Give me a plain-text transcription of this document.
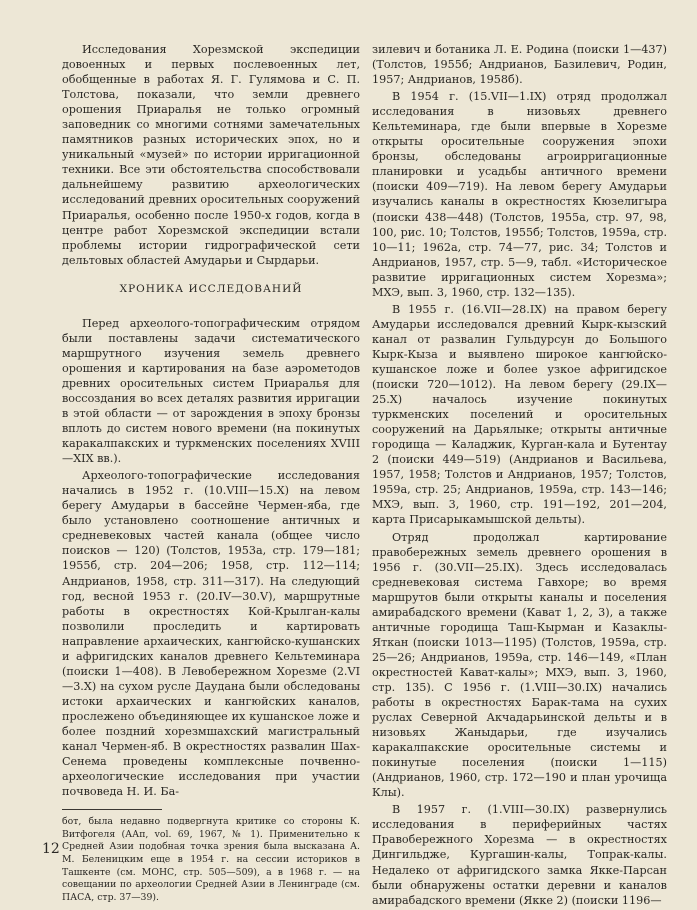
Исследования Хорезмской экспедиции довоенных и первых послевоенных лет, обобщенные в работах Я. Г. Гулямова и С. П. Толстова, показали, что земли древнего орошения Приаралья не только огромный заповедник со многими сотнями замечательных памятников разных исторических эпох, но и уникальный «музей» по истории ирригационной техники. Все эти обстоятельства способствовали дальнейшему развитию археологических исследований древних оросительных сооружений Приаралья, особенно после 1950-х годов, когда в центре работ Хорезмской экспедиции встали проблемы истории гидрографической сети дельтовых областей Амударьи и Сырдарьи.

ХРОНИКА ИССЛЕДОВАНИЙ

Перед археолого-топографическим отрядом были поставлены задачи систематического маршрутного изучения земель древнего орошения и картирования на базе аэрометодов древних оросительных систем Приаралья для воссоздания во всех деталях развития ирригации в этой области — от зарождения в эпоху бронзы вплоть до систем нового времени (на покинутых каракалпакских и туркменских поселениях XVIII—XIX вв.).

Археолого-топографические исследования начались в 1952 г. (10.VIII—15.X) на левом берегу Амударьи в бассейне Чермен-яба, где было установлено соотношение античных и средневековых частей канала (общее число поисков — 120) (Толстов, 1953а, стр. 179—181; 1955б, стр. 204—206; 1958, стр. 112—114; Андрианов, 1958, стр. 311—317). На следующий год, весной 1953 г. (20.IV—30.V), маршрутные работы в окрестностях Кой-Крылган-калы позволили проследить и картировать направление архаических, кангюйско-кушанских и афригидских каналов древнего Кельтеминара (поиски 1—408). В Левобережном Хорезме (2.VI—3.X) на сухом русле Даудана были обследованы истоки архаических и кангюйских каналов, прослежено объединяющее их кушанское ложе и более поздний хорезмшахский магистральный канал Чермен-яб. В окрестностях развалин Шах-Сенема проведены комплексные почвенно-археологические исследования при участии почвоведа Н. И. Ба-

бот, была недавно подвергнута критике со стороны К. Витфогеля (ААп, vol. 69, 1967, № 1). Применительно к Средней Азии подобная точка зрения была высказана А. М. Беленицким еще в 1954 г. на сессии историков в Ташкенте (см. МОНС, стр. 505—509), а в 1968 г. — на совещании по археологии Средней Азии в Ленинграде (см. ПАСА, стр. 37—39).

зилевич и ботаника Л. Е. Родина (поиски 1—437) (Толстов, 1955б; Андрианов, Базилевич, Родин, 1957; Андрианов, 1958б).

В 1954 г. (15.VII—1.IX) отряд продолжал исследования в низовьях древнего Кельтеминара, где были впервые в Хорезме открыты оросительные сооружения эпохи бронзы, обследованы агроирригационные планировки и усадьбы античного времени (поиски 409—719). На левом берегу Амударьи изучались каналы в окрестностях Кюзелигыра (поиски 438—448) (Толстов, 1955а, стр. 97, 98, 100, рис. 10; Толстов, 1955б; Толстов, 1959а, стр. 10—11; 1962а, стр. 74—77, рис. 34; Толстов и Андрианов, 1957, стр. 5—9, табл. «Историческое развитие ирригационных систем Хорезма»; МХЭ, вып. 3, 1960, стр. 132—135).

В 1955 г. (16.VII—28.IX) на правом берегу Амударьи исследовался древний Кырк-кызский канал от развалин Гульдурсун до Большого Кырк-Кыза и выявлено широкое кангюйско-кушанское ложе и более узкое афригидское (поиски 720—1012). На левом берегу (29.IX—25.X) началось изучение покинутых туркменских поселений и оросительных сооружений на Дарьялыке; открыты античные городища — Каладжик, Курган-кала и Бутентау 2 (поиски 449—519) (Андрианов и Васильева, 1957, 1958; Толстов и Андрианов, 1957; Толстов, 1959а, стр. 25; Андрианов, 1959а, стр. 143—146; МХЭ, вып. 3, 1960, стр. 191—192, 201—204, карта Присарыкамышской дельты).

Отряд продолжал картирование правобережных земель древнего орошения в 1956 г. (30.VII—25.IX). Здесь исследовалась средневековая система Гавхоре; во время маршрутов были открыты каналы и поселения амирабадского времени (Кават 1, 2, 3), а также античные городища Таш-Кырман и Казаклы-Яткан (поиски 1013—1195) (Толстов, 1959а, стр. 25—26; Андрианов, 1959а, стр. 146—149, «План окрестностей Кават-калы»; МХЭ, вып. 3, 1960, стр. 135). С 1956 г. (1.VIII—30.IX) начались работы в окрестностях Барак-тама на сухих руслах Северной Акчадарьинской дельты и в низовьях Жаныдарьи, где изучались каракалпакские оросительные системы и покинутые поселения (поиски 1—115) (Андрианов, 1960, стр. 172—190 и план урочища Клы).

В 1957 г. (1.VIII—30.IX) развернулись исследования в периферийных частях Правобережного Хорезма — в окрестностях Дингильдже, Кургашин-калы, Топрак-калы. Недалеко от афригидского замка Якке-Парсан были обнаружены остатки деревни и каналов амирабадского времени (Якке 2) (поиски 1196—

12
